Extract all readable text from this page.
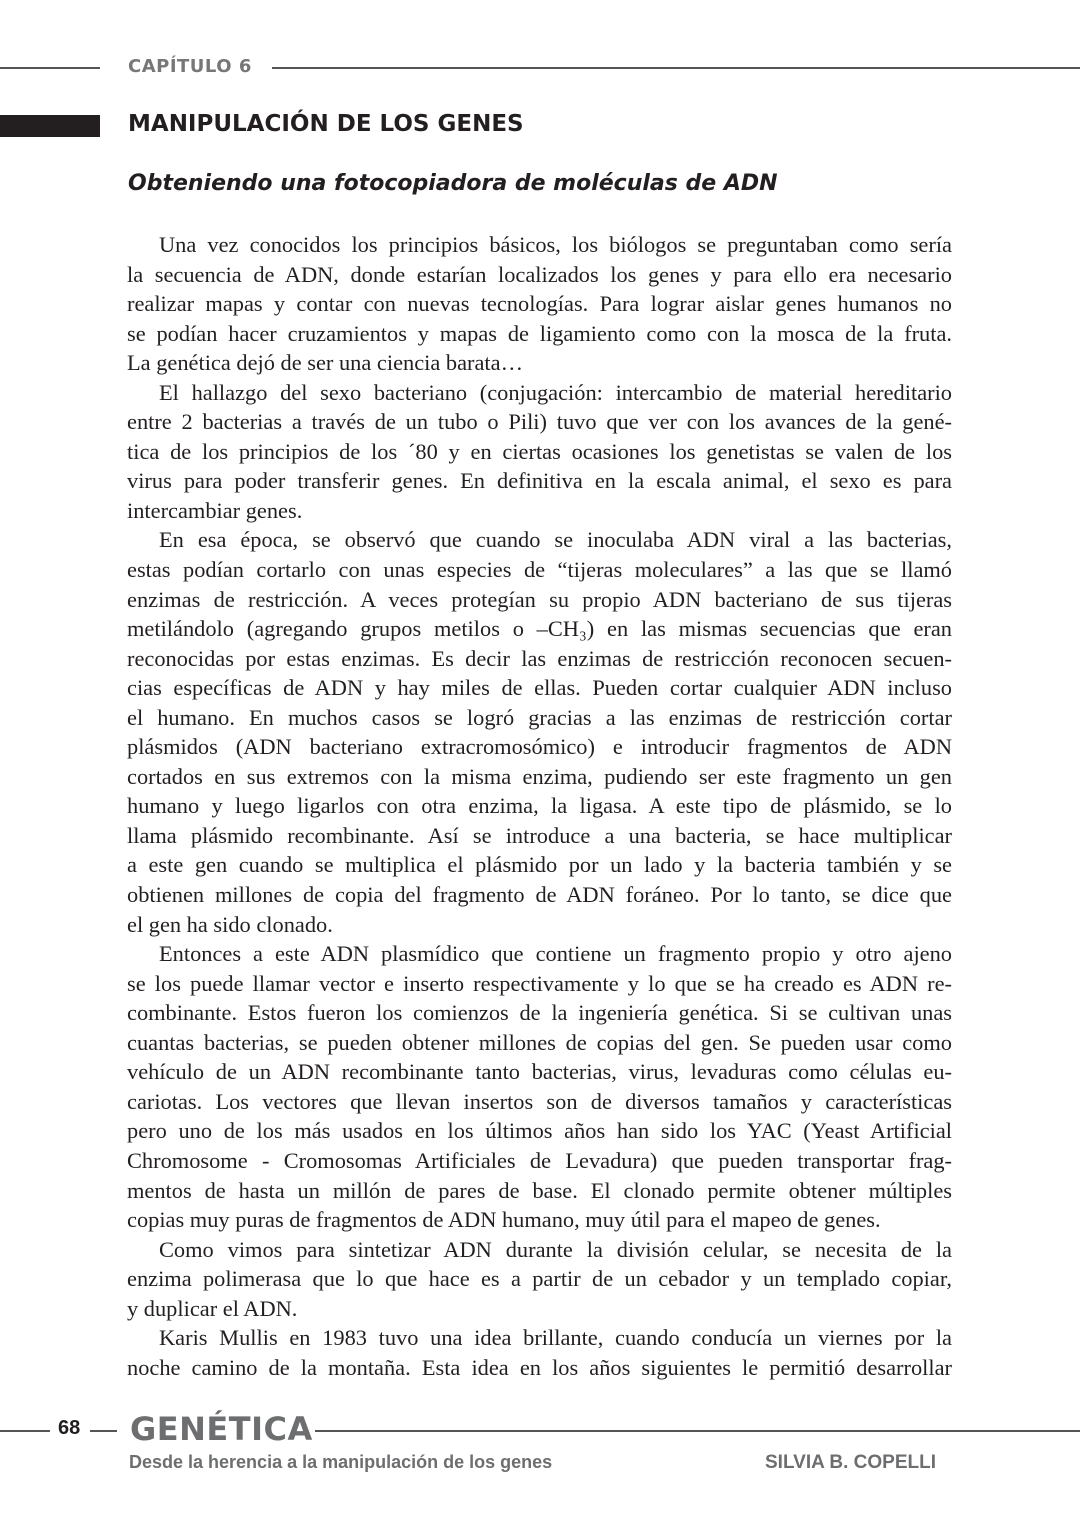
CAPÍTULO 6
MANIPULACIÓN DE LOS GENES
Obteniendo una fotocopiadora de moléculas de ADN
Una vez conocidos los principios básicos, los biólogos se preguntaban como sería
la secuencia de ADN, donde estarían localizados los genes y para ello era necesario
realizar mapas y contar con nuevas tecnologías. Para lograr aislar genes humanos no
se podían hacer cruzamientos y mapas de ligamiento como con la mosca de la fruta.
La genética dejó de ser una ciencia barata…
El hallazgo del sexo bacteriano (conjugación: intercambio de material hereditario
entre 2 bacterias a través de un tubo o Pili) tuvo que ver con los avances de la gené-
tica de los principios de los ´80 y en ciertas ocasiones los genetistas se valen de los
virus para poder transferir genes. En definitiva en la escala animal, el sexo es para
intercambiar genes.
En esa época, se observó que cuando se inoculaba ADN viral a las bacterias,
estas podían cortarlo con unas especies de “tijeras moleculares” a las que se llamó
enzimas de restricción. A veces protegían su propio ADN bacteriano de sus tijeras
metilándolo (agregando grupos metilos o –CH₃) en las mismas secuencias que eran
reconocidas por estas enzimas. Es decir las enzimas de restricción reconocen secuen-
cias específicas de ADN y hay miles de ellas. Pueden cortar cualquier ADN incluso
el humano. En muchos casos se logró gracias a las enzimas de restricción cortar
plásmidos (ADN bacteriano extracromosómico) e introducir fragmentos de ADN
cortados en sus extremos con la misma enzima, pudiendo ser este fragmento un gen
humano y luego ligarlos con otra enzima, la ligasa. A este tipo de plásmido, se lo
llama plásmido recombinante. Así se introduce a una bacteria, se hace multiplicar
a este gen cuando se multiplica el plásmido por un lado y la bacteria también y se
obtienen millones de copia del fragmento de ADN foráneo. Por lo tanto, se dice que
el gen ha sido clonado.
Entonces a este ADN plasmídico que contiene un fragmento propio y otro ajeno
se los puede llamar vector e inserto respectivamente y lo que se ha creado es ADN re-
combinante. Estos fueron los comienzos de la ingeniería genética. Si se cultivan unas
cuantas bacterias, se pueden obtener millones de copias del gen. Se pueden usar como
vehículo de un ADN recombinante tanto bacterias, virus, levaduras como células eu-
cariotas. Los vectores que llevan insertos son de diversos tamaños y características
pero uno de los más usados en los últimos años han sido los YAC (Yeast Artificial
Chromosome - Cromosomas Artificiales de Levadura) que pueden transportar frag-
mentos de hasta un millón de pares de base. El clonado permite obtener múltiples
copias muy puras de fragmentos de ADN humano, muy útil para el mapeo de genes.
Como vimos para sintetizar ADN durante la división celular, se necesita de la
enzima polimerasa que lo que hace es a partir de un cebador y un templado copiar,
y duplicar el ADN.
Karis Mullis en 1983 tuvo una idea brillante, cuando conducía un viernes por la
noche camino de la montaña. Esta idea en los años siguientes le permitió desarrollar
68 GENÉTICA
Desde la herencia a la manipulación de los genes	SILVIA B. COPELLI
